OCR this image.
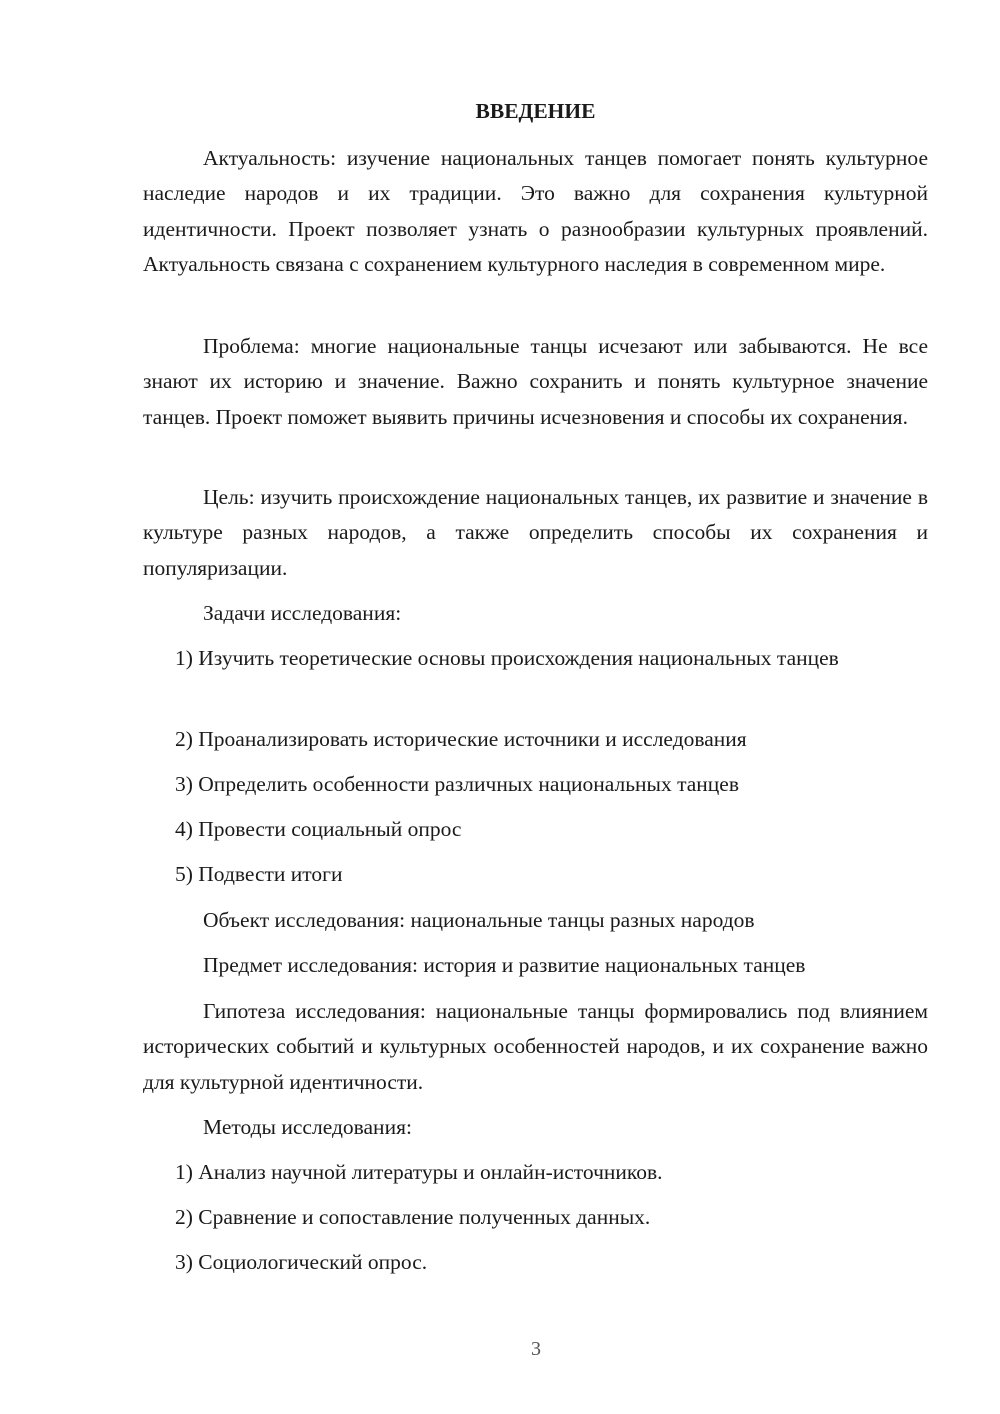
ВВЕДЕНИЕ

Актуальность: изучение национальных танцев помогает понять культурное наследие народов и их традиции. Это важно для сохранения культурной идентичности. Проект позволяет узнать о разнообразии культурных проявлений. Актуальность связана с сохранением культурного наследия в современном мире.

Проблема: многие национальные танцы исчезают или забываются. Не все знают их историю и значение. Важно сохранить и понять культурное значение танцев. Проект поможет выявить причины исчезновения и способы их сохранения.

Цель: изучить происхождение национальных танцев, их развитие и значение в культуре разных народов, а также определить способы их сохранения и популяризации.

Задачи исследования:

1) Изучить теоретические основы происхождения национальных танцев

2) Проанализировать исторические источники и исследования

3) Определить особенности различных национальных танцев

4) Провести социальный опрос

5) Подвести итоги

Объект исследования: национальные танцы разных народов

Предмет исследования: история и развитие национальных танцев

Гипотеза исследования: национальные танцы формировались под влиянием исторических событий и культурных особенностей народов, и их сохранение важно для культурной идентичности.

Методы исследования:

1) Анализ научной литературы и онлайн-источников.

2) Сравнение и сопоставление полученных данных.

3) Социологический опрос.

3
